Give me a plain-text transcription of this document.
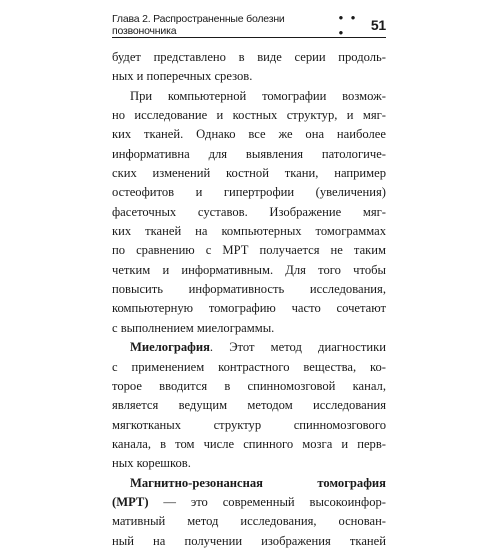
Глава 2. Распространенные болезни позвоночника
• • •	51
будет представлено в виде серии продоль-
ных и поперечных срезов.
При компьютерной томографии возмож-
но исследование и костных структур, и мяг-
ких тканей. Однако все же она наиболее
информативна для выявления патологиче-
ских изменений костной ткани, например
остеофитов и гипертрофии (увеличения)
фасеточных суставов. Изображение мяг-
ких тканей на компьютерных томограммах
по сравнению с МРТ получается не таким
четким и информативным. Для того чтобы
повысить информативность исследования,
компьютерную томографию часто сочетают
с выполнением миелограммы.
Миелография. Этот метод диагностики
с применением контрастного вещества, ко-
торое вводится в спинномозговой канал,
является ведущим методом исследования
мягкотканых структур спинномозгового
канала, в том числе спинного мозга и перв-
ных корешков.
Магнитно-резонансная томография
(МРТ) — это современный высокоинфор-
мативный метод исследования, основан-
ный на получении изображения тканей
